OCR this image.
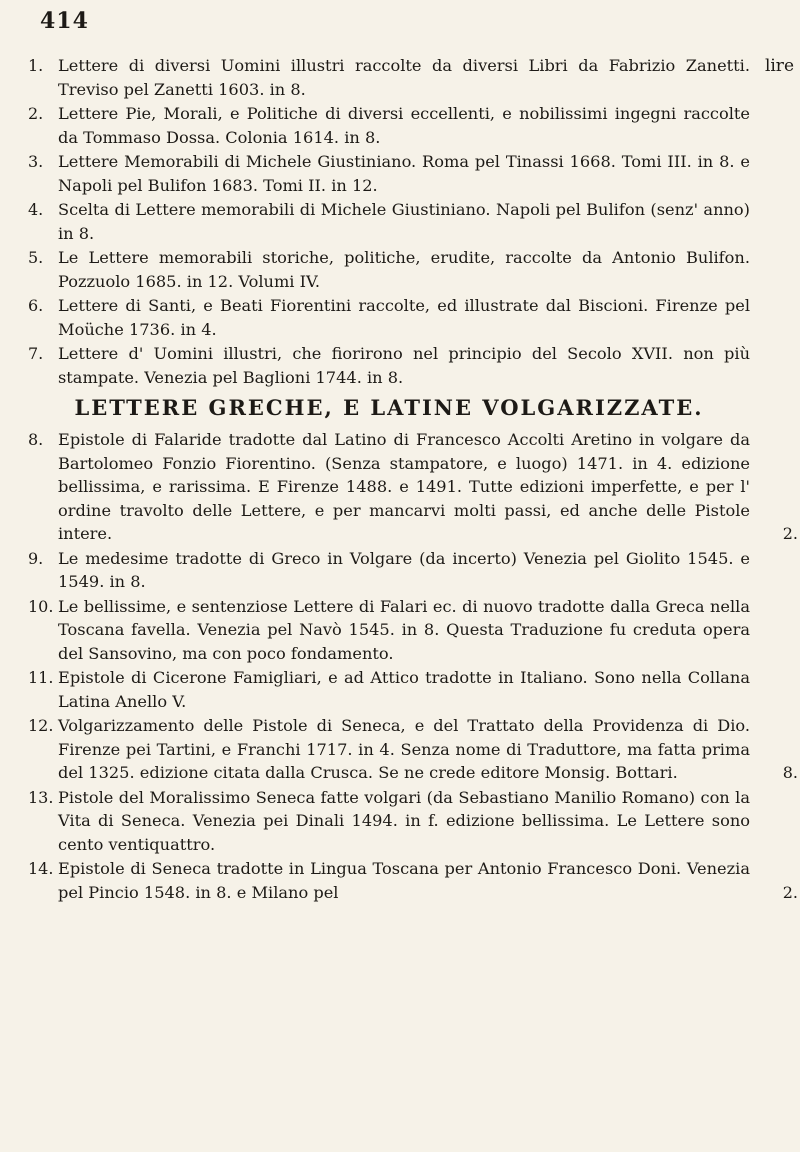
414
lire
1. Lettere di diversi Uomini illustri raccolte da diversi Libri da Fabrizio Zanetti. Treviso pel Zanetti 1603. in 8.
2. Lettere Pie, Morali, e Politiche di diversi eccellenti, e nobilissimi ingegni raccolte da Tommaso Dossa. Colonia 1614. in 8.
3. Lettere Memorabili di Michele Giustiniano. Roma pel Tinassi 1668. Tomi III. in 8. e Napoli pel Bulifon 1683. Tomi II. in 12.
4. Scelta di Lettere memorabili di Michele Giustiniano. Napoli pel Bulifon (senz' anno) in 8.
5. Le Lettere memorabili storiche, politiche, erudite, raccolte da Antonio Bulifon. Pozzuolo 1685. in 12. Volumi IV.
6. Lettere di Santi, e Beati Fiorentini raccolte, ed illustrate dal Biscioni. Firenze pel Moüche 1736. in 4.
7. Lettere d' Uomini illustri, che fiorirono nel principio del Secolo XVII. non più stampate. Venezia pel Baglioni 1744. in 8.
LETTERE GRECHE, E LATINE VOLGARIZZATE.
8. Epistole di Falaride tradotte dal Latino di Francesco Accolti Aretino in volgare da Bartolomeo Fonzio Fiorentino. (Senza stampatore, e luogo) 1471. in 4. edizione bellissima, e rarissima. E Firenze 1488. e 1491. Tutte edizioni imperfette, e per l' ordine travolto delle Lettere, e per mancarvi molti passi, ed anche delle Pistole intere.	2.
9. Le medesime tradotte di Greco in Volgare (da incerto) Venezia pel Giolito 1545. e 1549. in 8.
10. Le bellissime, e sentenziose Lettere di Falari ec. di nuovo tradotte dalla Greca nella Toscana favella. Venezia pel Navò 1545. in 8. Questa Traduzione fu creduta opera del Sansovino, ma con poco fondamento.
11. Epistole di Cicerone Famigliari, e ad Attico tradotte in Italiano. Sono nella Collana Latina Anello V.
12. Volgarizzamento delle Pistole di Seneca, e del Trattato della Providenza di Dio. Firenze pei Tartini, e Franchi 1717. in 4. Senza nome di Traduttore, ma fatta prima del 1325. edizione citata dalla Crusca. Se ne crede editore Monsig. Bottari.	8.
13. Pistole del Moralissimo Seneca fatte volgari (da Sebastiano Manilio Romano) con la Vita di Seneca. Venezia pei Dinali 1494. in f. edizione bellissima. Le Lettere sono cento ventiquattro.
14. Epistole di Seneca tradotte in Lingua Toscana per Antonio Francesco Doni. Venezia pel Pincio 1548. in 8. e Milano pel	2.
